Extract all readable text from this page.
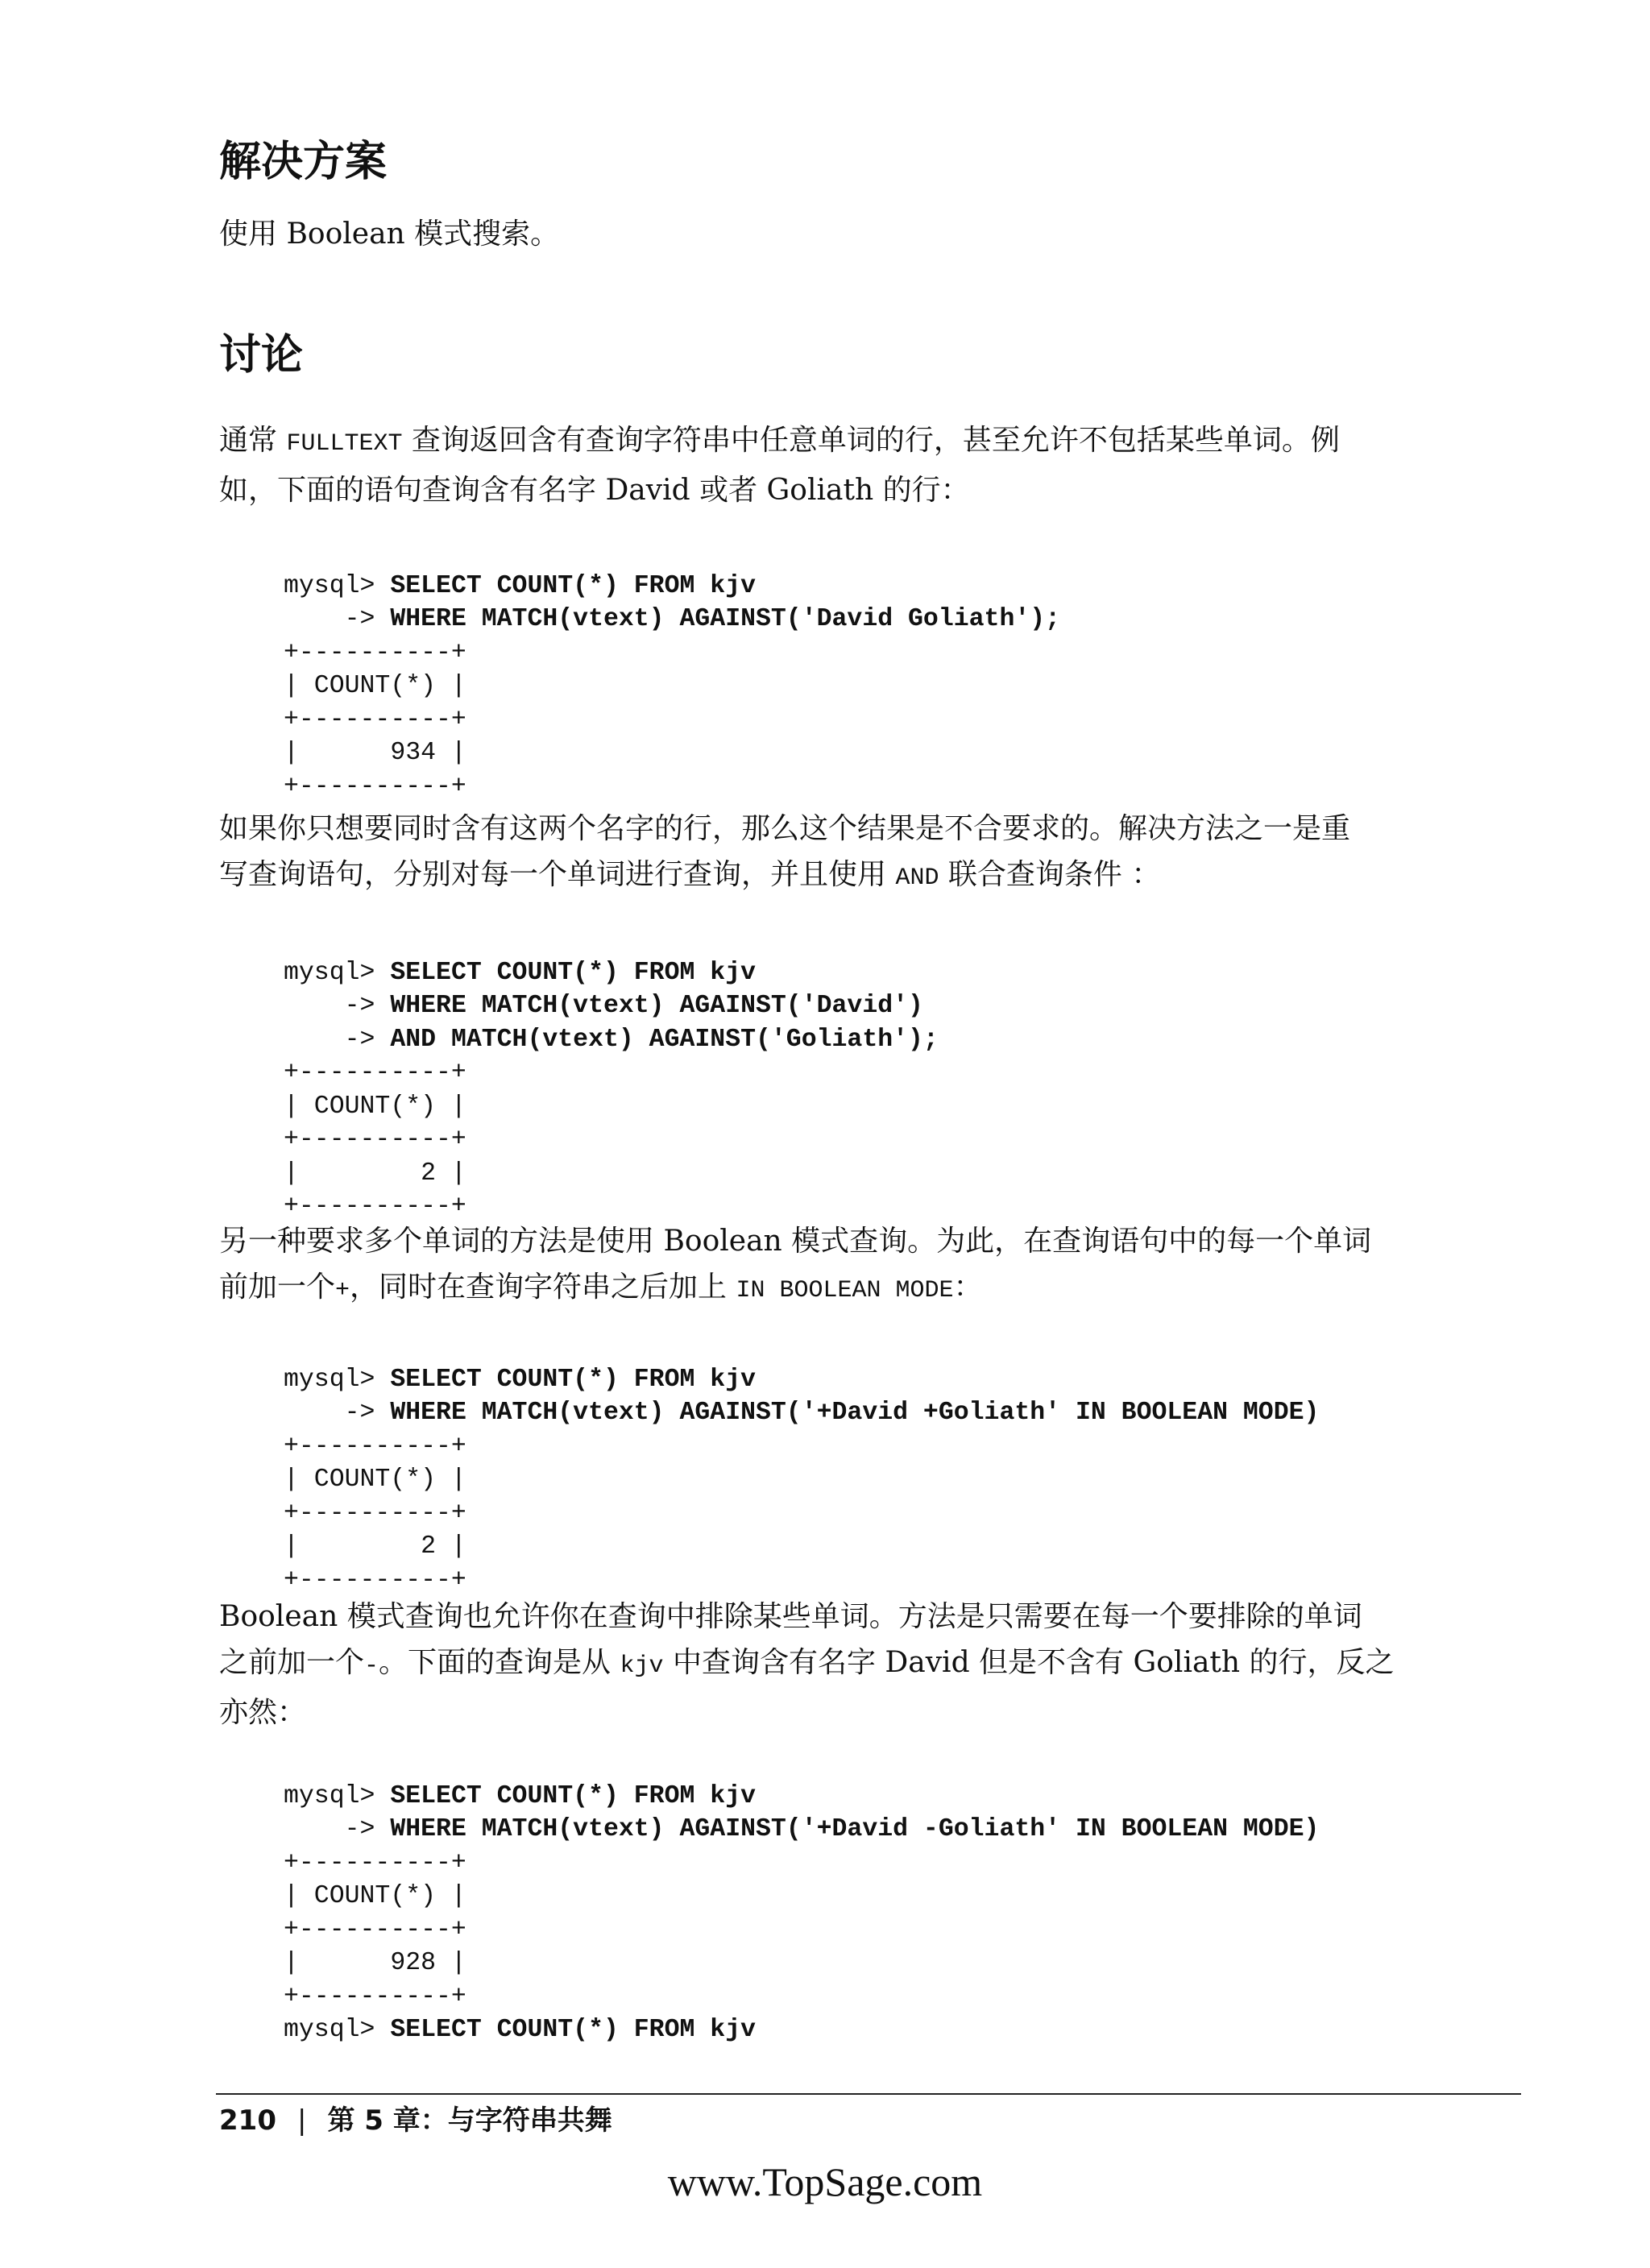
解决方案

使用 Boolean 模式搜索。

讨论
通常 FULLTEXT 查询返回含有查询字符串中任意单词的行，甚至允许不包括某些单词。例
如，下面的语句查询含有名字 David 或者 Goliath 的行：

mysql> SELECT COUNT(*) FROM kjv
-> WHERE MATCH(vtext) AGAINST('David Goliath');
+----------+
| COUNT(*) |
+----------+
|      934 |
+----------+

如果你只想要同时含有这两个名字的行，那么这个结果是不合要求的。解决方法之一是重
写查询语句，分别对每一个单词进行查询，并且使用 AND 联合查询条件 ：

mysql> SELECT COUNT(*) FROM kjv
-> WHERE MATCH(vtext) AGAINST('David')
-> AND MATCH(vtext) AGAINST('Goliath');
+----------+
| COUNT(*) |
+----------+
|        2 |
+----------+

另一种要求多个单词的方法是使用 Boolean 模式查询。为此，在查询语句中的每一个单词
前加一个+，同时在查询字符串之后加上 IN BOOLEAN MODE：

mysql> SELECT COUNT(*) FROM kjv
-> WHERE MATCH(vtext) AGAINST('+David +Goliath' IN BOOLEAN MODE)
+----------+
| COUNT(*) |
+----------+
|        2 |
+----------+

Boolean 模式查询也允许你在查询中排除某些单词。方法是只需要在每一个要排除的单词
之前加一个-。下面的查询是从 kjv 中查询含有名字 David 但是不含有 Goliath 的行，反之
亦然：

mysql> SELECT COUNT(*) FROM kjv
-> WHERE MATCH(vtext) AGAINST('+David -Goliath' IN BOOLEAN MODE)
+----------+
| COUNT(*) |
+----------+
|      928 |
+----------+
mysql> SELECT COUNT(*) FROM kjv

210 | 第 5 章：与字符串共舞
www.TopSage.com
